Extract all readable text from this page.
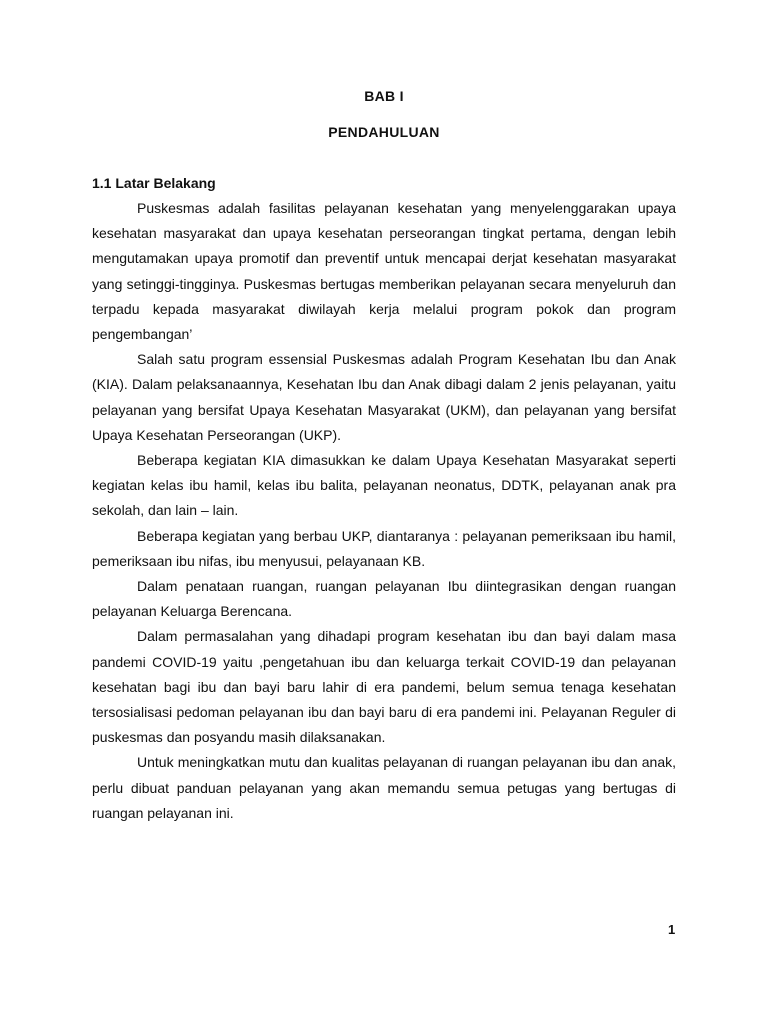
BAB I
PENDAHULUAN
1.1 Latar Belakang

Puskesmas adalah fasilitas pelayanan kesehatan yang menyelenggarakan upaya kesehatan masyarakat dan upaya kesehatan perseorangan tingkat pertama, dengan lebih mengutamakan upaya promotif dan preventif untuk mencapai derjat kesehatan masyarakat yang setinggi-tingginya. Puskesmas bertugas memberikan pelayanan secara menyeluruh dan terpadu kepada masyarakat diwilayah kerja melalui program pokok dan program pengembangan’

Salah satu program essensial Puskesmas adalah Program Kesehatan Ibu dan Anak (KIA). Dalam pelaksanaannya, Kesehatan Ibu dan Anak dibagi dalam 2 jenis pelayanan, yaitu pelayanan yang bersifat Upaya Kesehatan Masyarakat (UKM), dan pelayanan yang bersifat Upaya Kesehatan Perseorangan (UKP).

Beberapa kegiatan KIA dimasukkan ke dalam Upaya Kesehatan Masyarakat seperti kegiatan kelas ibu hamil, kelas ibu balita, pelayanan neonatus, DDTK, pelayanan anak pra sekolah, dan lain – lain.

Beberapa kegiatan yang berbau UKP, diantaranya : pelayanan pemeriksaan ibu hamil, pemeriksaan ibu nifas, ibu menyusui, pelayanaan KB.

Dalam penataan ruangan, ruangan pelayanan Ibu diintegrasikan dengan ruangan pelayanan Keluarga Berencana.

Dalam permasalahan yang dihadapi program kesehatan ibu dan bayi dalam masa pandemi COVID-19 yaitu ,pengetahuan ibu dan keluarga terkait COVID-19 dan pelayanan kesehatan bagi ibu dan bayi baru lahir di era pandemi, belum semua tenaga kesehatan tersosialisasi pedoman pelayanan ibu dan bayi baru di era pandemi ini. Pelayanan Reguler di puskesmas dan posyandu masih dilaksanakan.

Untuk meningkatkan mutu dan kualitas pelayanan di ruangan pelayanan ibu dan anak, perlu dibuat panduan pelayanan yang akan memandu semua petugas yang bertugas di ruangan pelayanan ini.

1
